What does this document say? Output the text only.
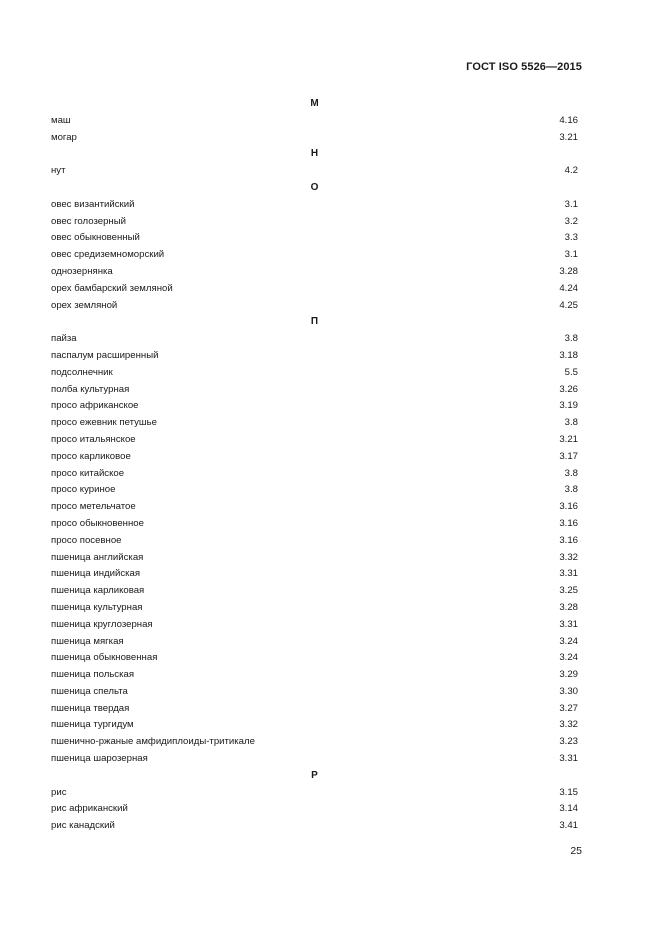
ГОСТ ISO 5526—2015
М
маш	4.16
могар	3.21
Н
нут	4.2
О
овес византийский	3.1
овес голозерный	3.2
овес обыкновенный	3.3
овес средиземноморский	3.1
однозернянка	3.28
орех бамбарский земляной	4.24
орех земляной	4.25
П
пайза	3.8
паспалум расширенный	3.18
подсолнечник	5.5
полба культурная	3.26
просо африканское	3.19
просо ежевник петушье	3.8
просо итальянское	3.21
просо карликовое	3.17
просо китайское	3.8
просо куриное	3.8
просо метельчатое	3.16
просо обыкновенное	3.16
просо посевное	3.16
пшеница английская	3.32
пшеница индийская	3.31
пшеница карликовая	3.25
пшеница культурная	3.28
пшеница круглозерная	3.31
пшеница мягкая	3.24
пшеница обыкновенная	3.24
пшеница польская	3.29
пшеница спельта	3.30
пшеница твердая	3.27
пшеница тургидум	3.32
пшенично-ржаные амфидиплоиды-тритикале	3.23
пшеница шарозерная	3.31
Р
рис	3.15
рис африканский	3.14
рис канадский	3.41
25
